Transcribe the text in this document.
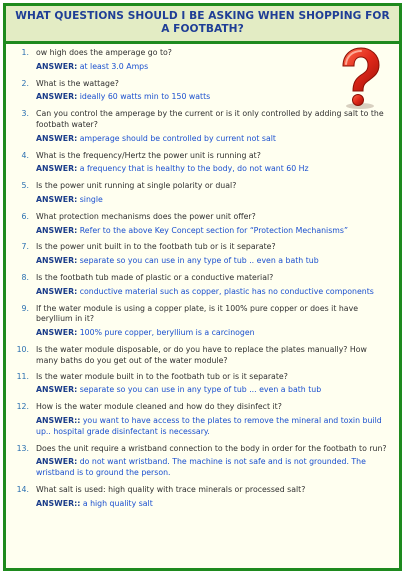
WHAT QUESTIONS SHOULD I BE ASKING WHEN SHOPPING FOR A FOOTBATH?
1. ow high does the amperage go to?
ANSWER: at least 3.0 Amps
2. What is the wattage?
ANSWER: ideally 60 watts min to 150 watts
3. Can you control the amperage by the current or is it only controlled by adding salt to the footbath water?
ANSWER: amperage should be controlled by current not salt
4. What is the frequency/Hertz the power unit is running at?
ANSWER: a frequency that is healthy to the body, do not want 60 Hz
5. Is the power unit running at single polarity or dual?
ANSWER: single
6. What protection mechanisms does the power unit offer?
ANSWER: Refer to the above Key Concept section for “Protection Mechanisms”
7. Is the power unit built in to the footbath tub or is it separate?
ANSWER: separate so you can use in any type of tub .. even a bath tub
8. Is the footbath tub made of plastic or a conductive material?
ANSWER: conductive material such as copper, plastic has no conductive components
9. If the water module is using a copper plate, is it 100% pure copper or does it have beryllium in it?
ANSWER: 100% pure copper, beryllium is a carcinogen
10. Is the water module disposable, or do you have to replace the plates manually? How many baths do you get out of the water module?
11. Is the water module built in to the footbath tub or is it separate?
ANSWER: separate so you can use in any type of tub ... even a bath tub
12. How is the water module cleaned and how do they disinfect it?
ANSWER:: you want to have access to the plates to remove the mineral and toxin build up.. hospital grade disinfectant is necessary.
13. Does the unit require a wristband connection to the body in order for the footbath to run?
ANSWER: do not want wristband. The machine is not safe and is not grounded. The wristband is to ground the person.
14. What salt is used: high quality with trace minerals or processed salt?
ANSWER:: a high quality salt
